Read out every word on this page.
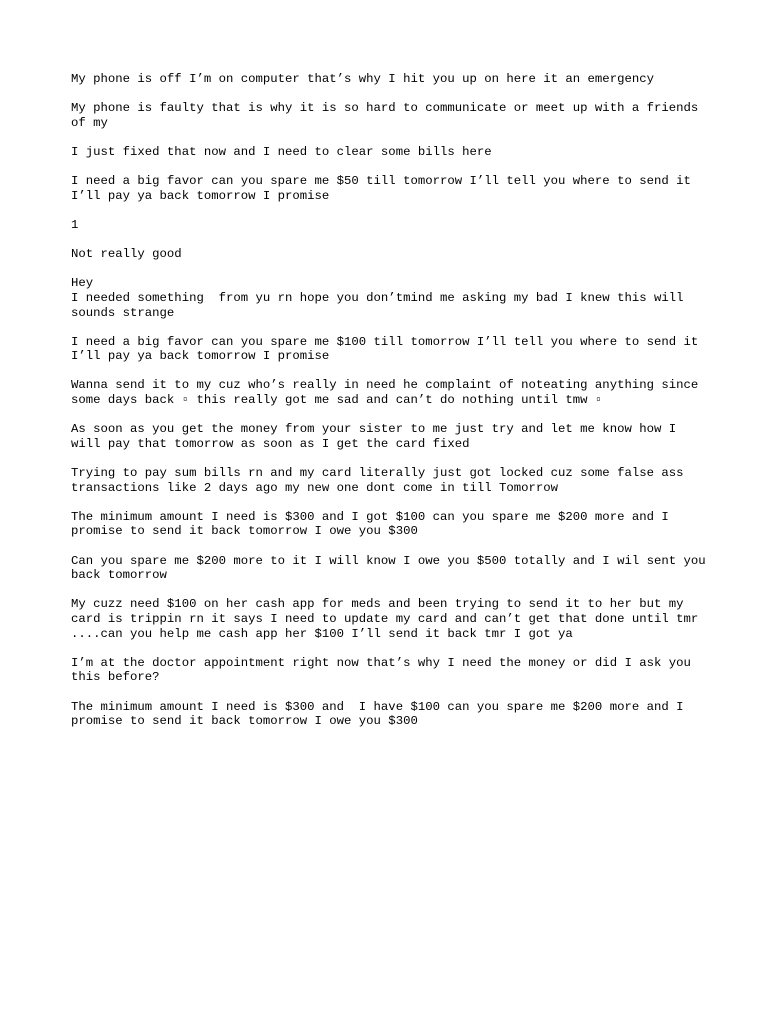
My phone is off I’m on computer that’s why I hit you up on here it an emergency

My phone is faulty that is why it is so hard to communicate or meet up with a friends of my

I just fixed that now and I need to clear some bills here

I need a big favor can you spare me $50 till tomorrow I’ll tell you where to send it I’ll pay ya back tomorrow I promise

1

Not really good

Hey
I needed something  from yu rn hope you don’tmind me asking my bad I knew this will sounds strange

I need a big favor can you spare me $100 till tomorrow I’ll tell you where to send it I’ll pay ya back tomorrow I promise

Wanna send it to my cuz who’s really in need he complaint of noteating anything since some days back ▫ this really got me sad and can’t do nothing until tmw ▫

As soon as you get the money from your sister to me just try and let me know how I will pay that tomorrow as soon as I get the card fixed

Trying to pay sum bills rn and my card literally just got locked cuz some false ass transactions like 2 days ago my new one dont come in till Tomorrow

The minimum amount I need is $300 and I got $100 can you spare me $200 more and I promise to send it back tomorrow I owe you $300

Can you spare me $200 more to it I will know I owe you $500 totally and I wil sent you back tomorrow

My cuzz need $100 on her cash app for meds and been trying to send it to her but my card is trippin rn it says I need to update my card and can’t get that done until tmr ....can you help me cash app her $100 I’ll send it back tmr I got ya

I’m at the doctor appointment right now that’s why I need the money or did I ask you this before?

The minimum amount I need is $300 and  I have $100 can you spare me $200 more and I promise to send it back tomorrow I owe you $300
